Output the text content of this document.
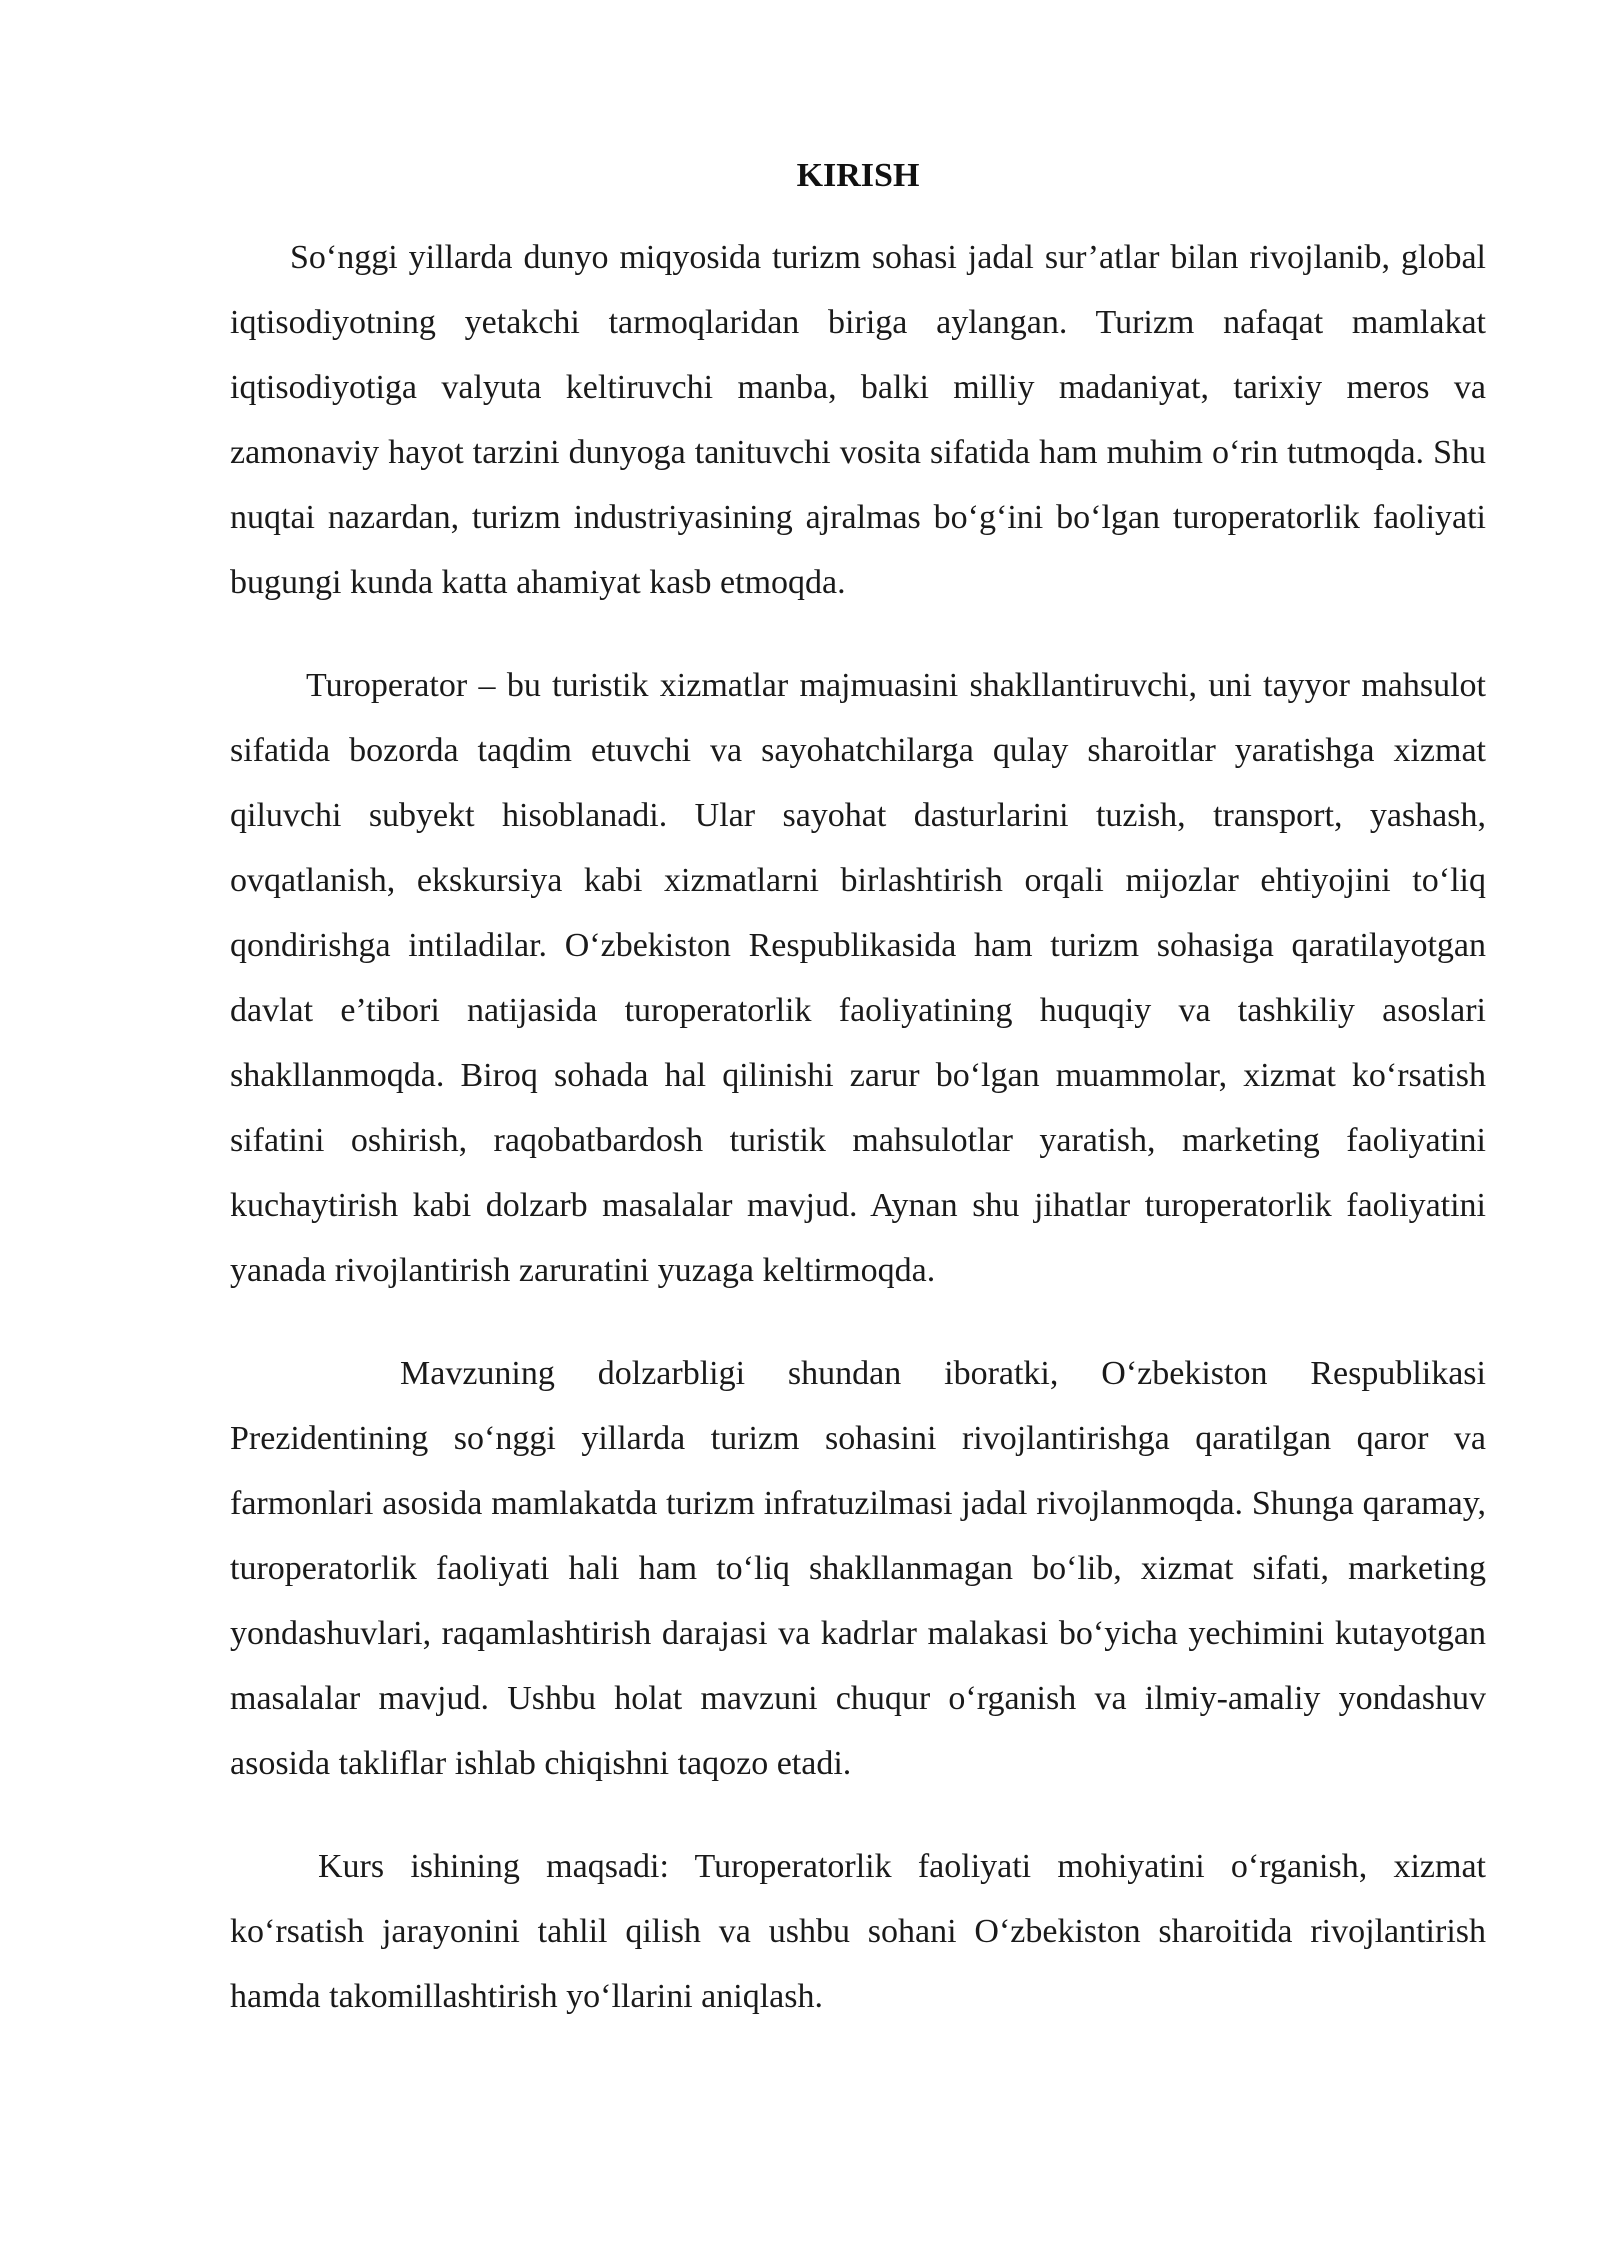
KIRISH

So‘nggi yillarda dunyo miqyosida turizm sohasi jadal sur’atlar bilan rivojlanib, global iqtisodiyotning yetakchi tarmoqlaridan biriga aylangan. Turizm nafaqat mamlakat iqtisodiyotiga valyuta keltiruvchi manba, balki milliy madaniyat, tarixiy meros va zamonaviy hayot tarzini dunyoga tanituvchi vosita sifatida ham muhim o‘rin tutmoqda. Shu nuqtai nazardan, turizm industriyasining ajralmas bo‘g‘ini bo‘lgan turoperatorlik faoliyati bugungi kunda katta ahamiyat kasb etmoqda.

Turoperator – bu turistik xizmatlar majmuasini shakllantiruvchi, uni tayyor mahsulot sifatida bozorda taqdim etuvchi va sayohatchilarga qulay sharoitlar yaratishga xizmat qiluvchi subyekt hisoblanadi. Ular sayohat dasturlarini tuzish, transport, yashash, ovqatlanish, ekskursiya kabi xizmatlarni birlashtirish orqali mijozlar ehtiyojini to‘liq qondirishga intiladilar. O‘zbekiston Respublikasida ham turizm sohasiga qaratilayotgan davlat e’tibori natijasida turoperatorlik faoliyatining huquqiy va tashkiliy asoslari shakllanmoqda. Biroq sohada hal qilinishi zarur bo‘lgan muammolar, xizmat ko‘rsatish sifatini oshirish, raqobatbardosh turistik mahsulotlar yaratish, marketing faoliyatini kuchaytirish kabi dolzarb masalalar mavjud. Aynan shu jihatlar turoperatorlik faoliyatini yanada rivojlantirish zaruratini yuzaga keltirmoqda.

Mavzuning dolzarbligi shundan iboratki, O‘zbekiston Respublikasi Prezidentining so‘nggi yillarda turizm sohasini rivojlantirishga qaratilgan qaror va farmonlari asosida mamlakatda turizm infratuzilmasi jadal rivojlanmoqda. Shunga qaramay, turoperatorlik faoliyati hali ham to‘liq shakllanmagan bo‘lib, xizmat sifati, marketing yondashuvlari, raqamlashtirish darajasi va kadrlar malakasi bo‘yicha yechimini kutayotgan masalalar mavjud. Ushbu holat mavzuni chuqur o‘rganish va ilmiy-amaliy yondashuv asosida takliflar ishlab chiqishni taqozo etadi.

Kurs ishining maqsadi: Turoperatorlik faoliyati mohiyatini o‘rganish, xizmat ko‘rsatish jarayonini tahlil qilish va ushbu sohani O‘zbekiston sharoitida rivojlantirish hamda takomillashtirish yo‘llarini aniqlash.
